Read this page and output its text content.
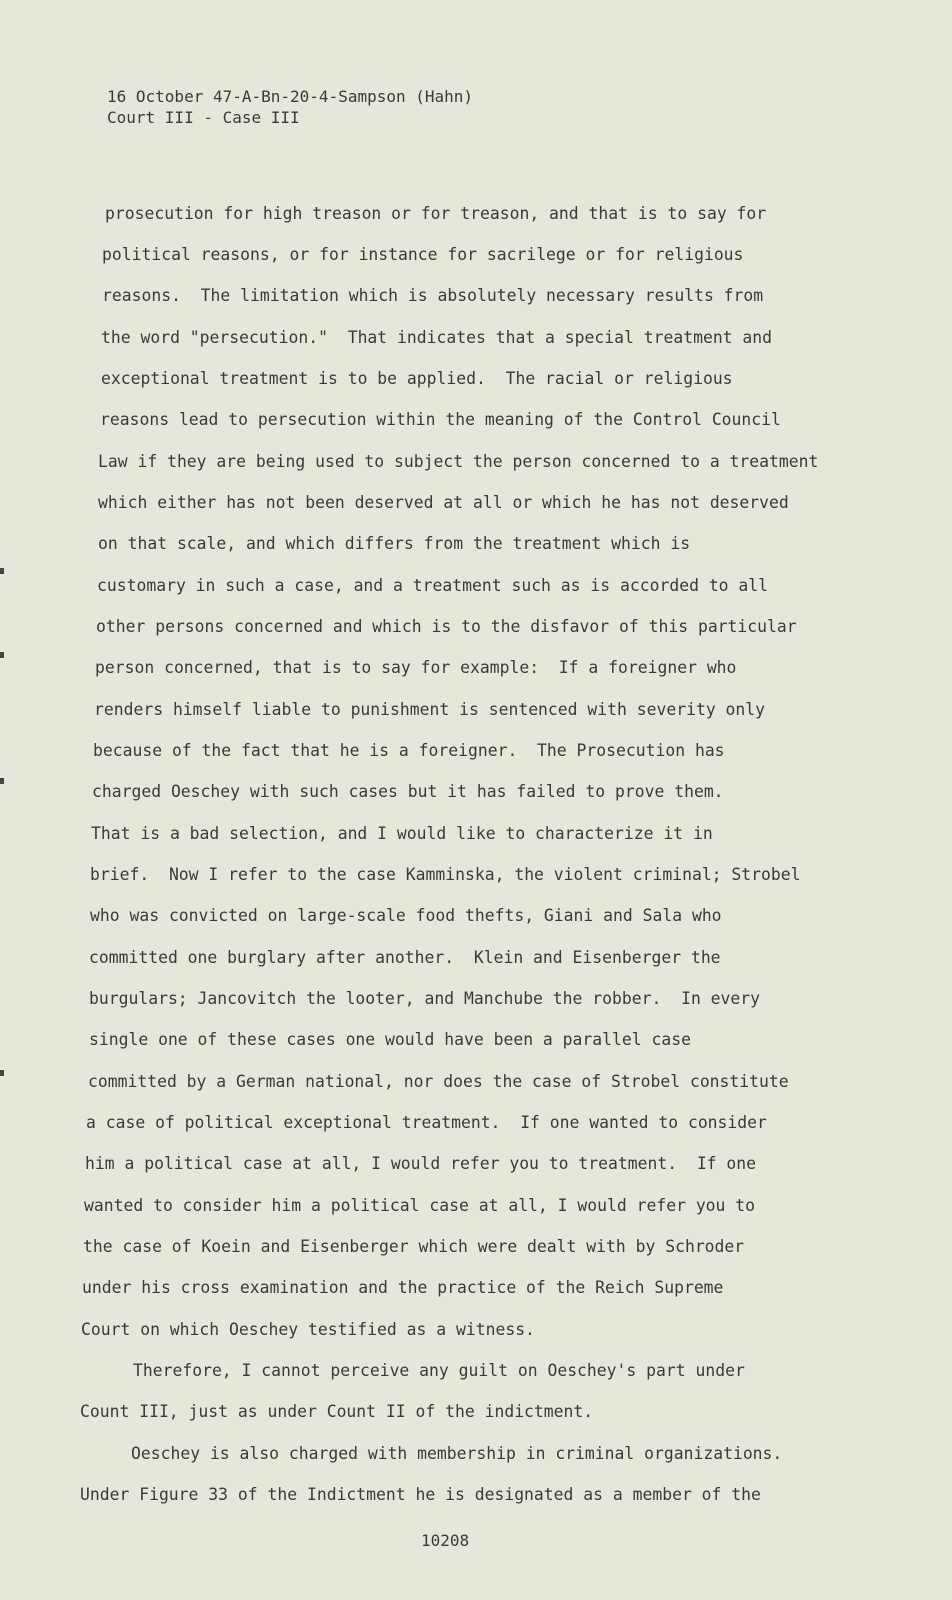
16 October 47-A-Bn-20-4-Sampson (Hahn)
Court III - Case III
prosecution for high treason or for treason, and that is to say for
political reasons, or for instance for sacrilege or for religious
reasons.  The limitation which is absolutely necessary results from
the word "persecution."  That indicates that a special treatment and
exceptional treatment is to be applied.  The racial or religious
reasons lead to persecution within the meaning of the Control Council
Law if they are being used to subject the person concerned to a treatment
which either has not been deserved at all or which he has not deserved
on that scale, and which differs from the treatment which is
customary in such a case, and a treatment such as is accorded to all
other persons concerned and which is to the disfavor of this particular
person concerned, that is to say for example:  If a foreigner who
renders himself liable to punishment is sentenced with severity only
because of the fact that he is a foreigner.  The Prosecution has
charged Oeschey with such cases but it has failed to prove them.
That is a bad selection, and I would like to characterize it in
brief.  Now I refer to the case Kamminska, the violent criminal; Strobel
who was convicted on large-scale food thefts, Giani and Sala who
committed one burglary after another.  Klein and Eisenberger the
burgulars; Jancovitch the looter, and Manchube the robber.  In every
single one of these cases one would have been a parallel case
committed by a German national, nor does the case of Strobel constitute
a case of political exceptional treatment.  If one wanted to consider
him a political case at all, I would refer you to treatment.  If one
wanted to consider him a political case at all, I would refer you to
the case of Koein and Eisenberger which were dealt with by Schroder
under his cross examination and the practice of the Reich Supreme
Court on which Oeschey testified as a witness.
Therefore, I cannot perceive any guilt on Oeschey's part under
Count III, just as under Count II of the indictment.
Oeschey is also charged with membership in criminal organizations.
Under Figure 33 of the Indictment he is designated as a member of the
10208
